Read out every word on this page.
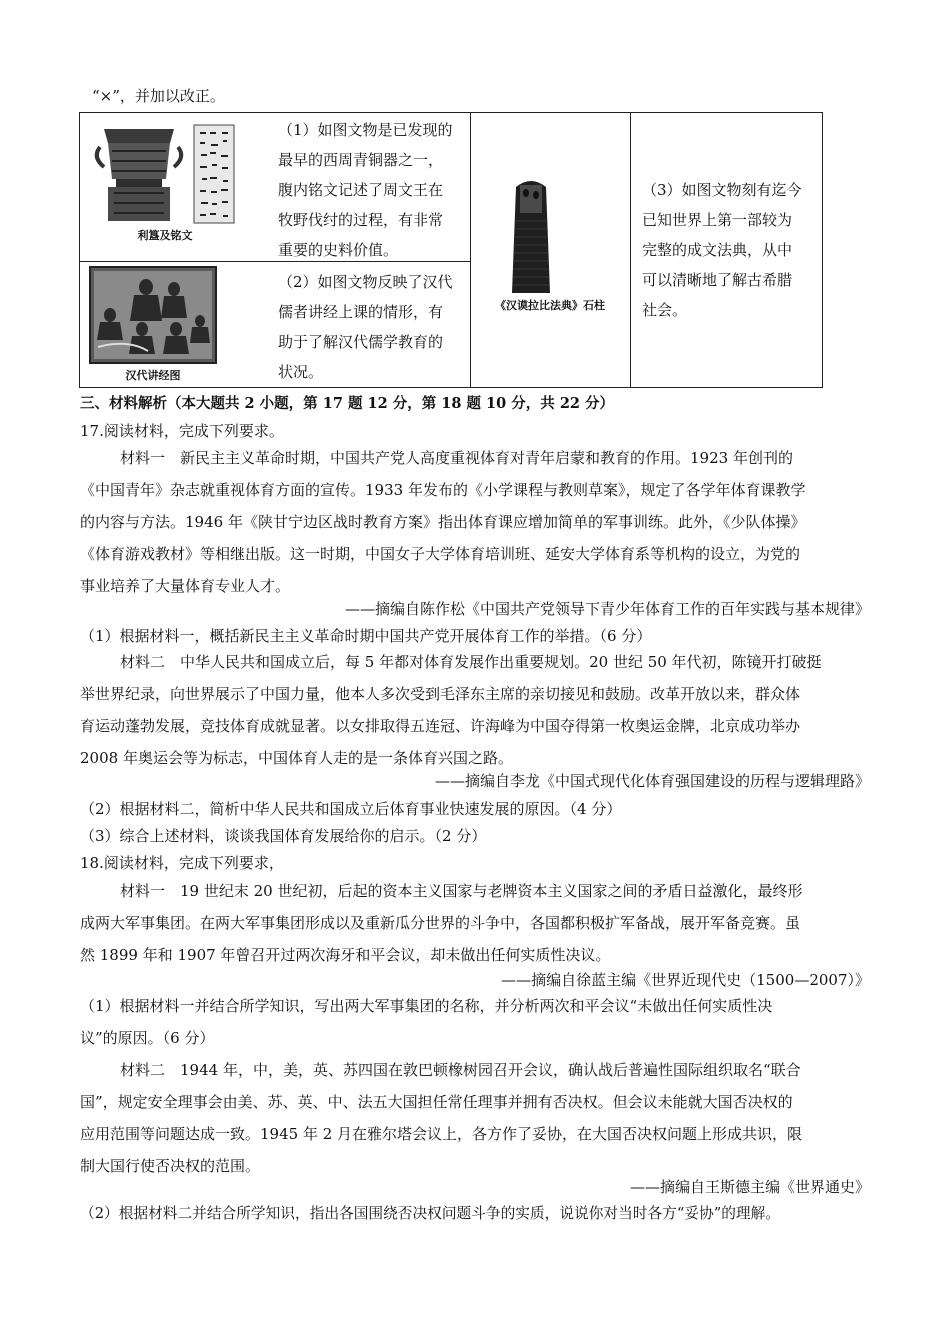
“×”，并加以改正。
利簋及铭文
（1）如图文物是已发现的
最早的西周青铜器之一，
腹内铭文记述了周文王在
牧野伐纣的过程，有非常
重要的史料价值。
汉代讲经图
（2）如图文物反映了汉代
儒者讲经上课的情形，有
助于了解汉代儒学教育的
状况。
《汉谟拉比法典》石柱
（3）如图文物刻有迄今
已知世界上第一部较为
完整的成文法典，从中
可以清晰地了解古希腊
社会。
三、材料解析（本大题共 2 小题，第 17 题 12 分，第 18 题 10 分，共 22 分）
17.阅读材料，完成下列要求。
材料一　新民主主义革命时期，中国共产党人高度重视体育对青年启蒙和教育的作用。1923 年创刊的
《中国青年》杂志就重视体育方面的宣传。1933 年发布的《小学课程与教则草案》，规定了各学年体育课教学
的内容与方法。1946 年《陕甘宁边区战时教育方案》指出体育课应增加简单的军事训练。此外，《少队体操》
《体育游戏教材》等相继出版。这一时期，中国女子大学体育培训班、延安大学体育系等机构的设立，为党的
事业培养了大量体育专业人才。
——摘编自陈作松《中国共产党领导下青少年体育工作的百年实践与基本规律》
（1）根据材料一，概括新民主主义革命时期中国共产党开展体育工作的举措。（6 分）
材料二　中华人民共和国成立后，每 5 年都对体育发展作出重要规划。20 世纪 50 年代初，陈镜开打破挺
举世界纪录，向世界展示了中国力量，他本人多次受到毛泽东主席的亲切接见和鼓励。改革开放以来，群众体
育运动蓬勃发展，竞技体育成就显著。以女排取得五连冠、许海峰为中国夺得第一枚奥运金牌，北京成功举办
2008 年奥运会等为标志，中国体育人走的是一条体育兴国之路。
——摘编自李龙《中国式现代化体育强国建设的历程与逻辑理路》
（2）根据材料二，简析中华人民共和国成立后体育事业快速发展的原因。（4 分）
（3）综合上述材料，谈谈我国体育发展给你的启示。（2 分）
18.阅读材料，完成下列要求，
材料一　19 世纪末 20 世纪初，后起的资本主义国家与老牌资本主义国家之间的矛盾日益激化，最终形
成两大军事集团。在两大军事集团形成以及重新瓜分世界的斗争中，各国都积极扩军备战，展开军备竞赛。虽
然 1899 年和 1907 年曾召开过两次海牙和平会议，却未做出任何实质性决议。
——摘编自徐蓝主编《世界近现代史（1500—2007）》
（1）根据材料一并结合所学知识，写出两大军事集团的名称，并分析两次和平会议“未做出任何实质性决
议”的原因。（6 分）
材料二　1944 年，中，美，英、苏四国在敦巴顿橡树园召开会议，确认战后普遍性国际组织取名“联合
国”，规定安全理事会由美、苏、英、中、法五大国担任常任理事并拥有否决权。但会议未能就大国否决权的
应用范围等问题达成一致。1945 年 2 月在雅尔塔会议上，各方作了妥协，在大国否决权问题上形成共识，限
制大国行使否决权的范围。
——摘编自王斯德主编《世界通史》
（2）根据材料二并结合所学知识，指出各国围绕否决权问题斗争的实质，说说你对当时各方“妥协”的理解。
